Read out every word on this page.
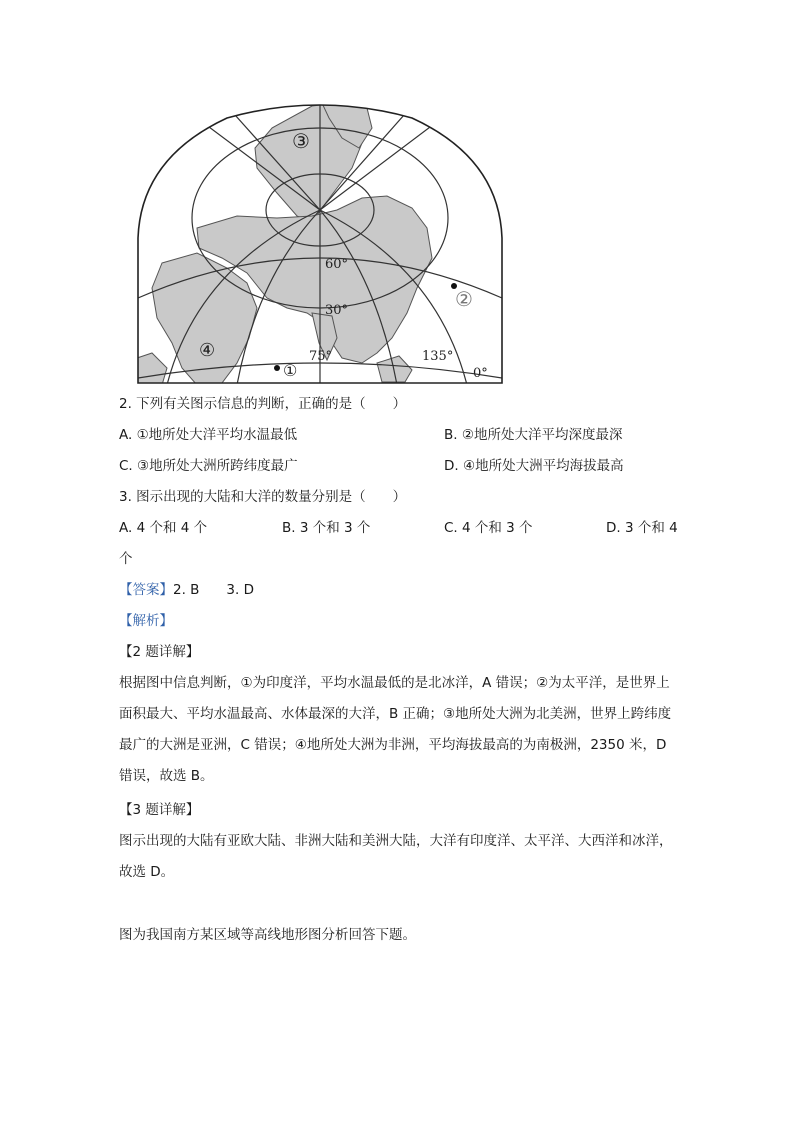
③
②
④
①
60°
30°
75°	135°
0°
2. 下列有关图示信息的判断，正确的是（　　）
A. ①地所处大洋平均水温最低	B. ②地所处大洋平均深度最深
C. ③地所处大洲所跨纬度最广	D. ④地所处大洲平均海拔最高
3. 图示出现的大陆和大洋的数量分别是（　　）
A. 4 个和 4 个	B. 3 个和 3 个	C. 4 个和 3 个	D. 3 个和 4
个
【答案】2. B　　3. D
【解析】
【2 题详解】
根据图中信息判断，①为印度洋，平均水温最低的是北冰洋，A 错误；②为太平洋，是世界上面积最大、平均水温最高、水体最深的大洋，B 正确；③地所处大洲为北美洲，世界上跨纬度最广的大洲是亚洲，C 错误；④地所处大洲为非洲，平均海拔最高的为南极洲，2350 米，D 错误，故选 B。
【3 题详解】
图示出现的大陆有亚欧大陆、非洲大陆和美洲大陆，大洋有印度洋、太平洋、大西洋和冰洋，故选 D。
图为我国南方某区域等高线地形图分析回答下题。
